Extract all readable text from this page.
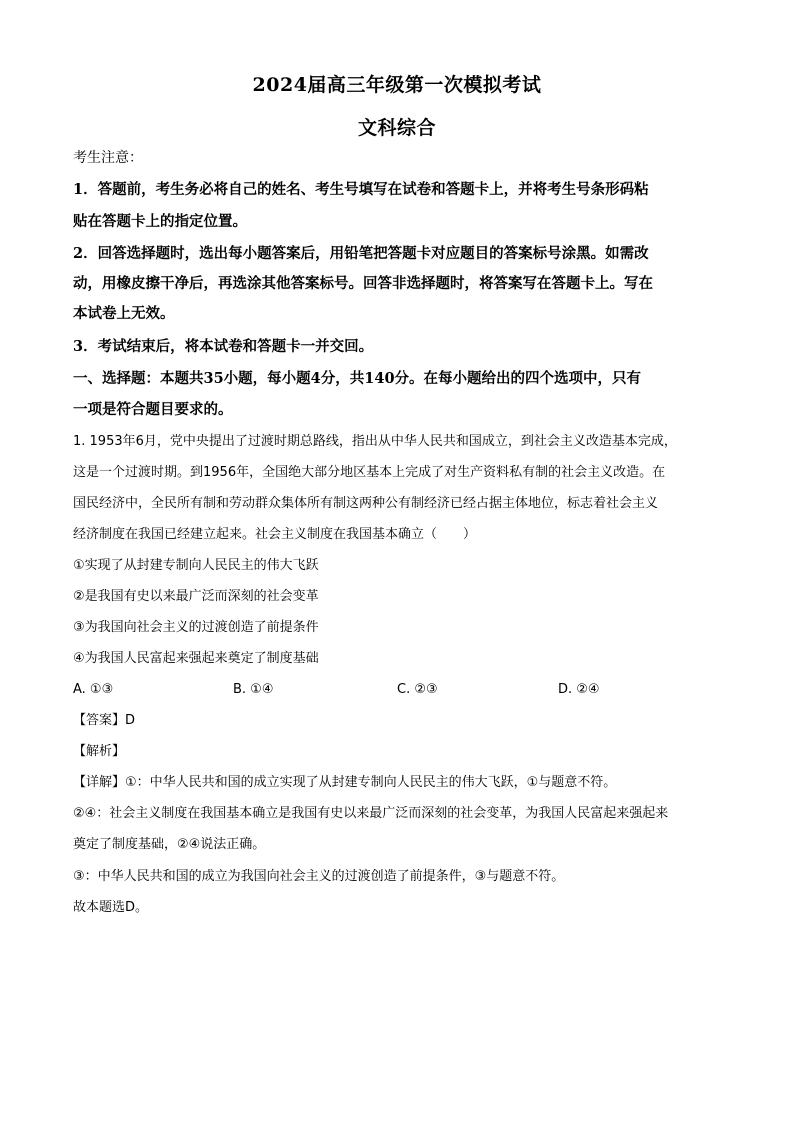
2024届高三年级第一次模拟考试
文科综合
考生注意：
1．答题前，考生务必将自己的姓名、考生号填写在试卷和答题卡上，并将考生号条形码粘
贴在答题卡上的指定位置。
2．回答选择题时，选出每小题答案后，用铅笔把答题卡对应题目的答案标号涂黑。如需改
动，用橡皮擦干净后，再选涂其他答案标号。回答非选择题时，将答案写在答题卡上。写在
本试卷上无效。
3．考试结束后，将本试卷和答题卡一并交回。
一、选择题：本题共35小题，每小题4分，共140分。在每小题给出的四个选项中，只有
一项是符合题目要求的。
1. 1953年6月，党中央提出了过渡时期总路线，指出从中华人民共和国成立，到社会主义改造基本完成，
这是一个过渡时期。到1956年，全国绝大部分地区基本上完成了对生产资料私有制的社会主义改造。在
国民经济中，全民所有制和劳动群众集体所有制这两种公有制经济已经占据主体地位，标志着社会主义
经济制度在我国已经建立起来。社会主义制度在我国基本确立（　　）
①实现了从封建专制向人民民主的伟大飞跃
②是我国有史以来最广泛而深刻的社会变革
③为我国向社会主义的过渡创造了前提条件
④为我国人民富起来强起来奠定了制度基础
A. ①③	B. ①④	C. ②③	D. ②④
【答案】D
【解析】
【详解】①：中华人民共和国的成立实现了从封建专制向人民民主的伟大飞跃，①与题意不符。
②④：社会主义制度在我国基本确立是我国有史以来最广泛而深刻的社会变革，为我国人民富起来强起来
奠定了制度基础，②④说法正确。
③：中华人民共和国的成立为我国向社会主义的过渡创造了前提条件，③与题意不符。
故本题选D。
